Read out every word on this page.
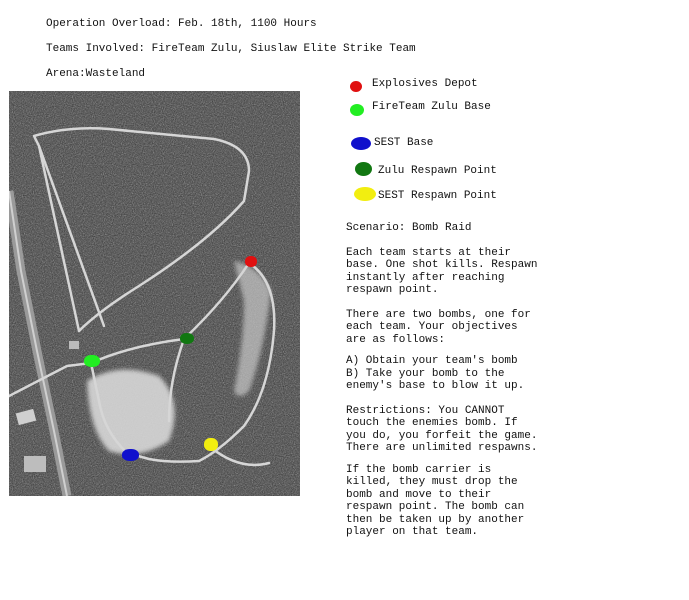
Operation Overload: Feb. 18th, 1100 Hours
Teams Involved: FireTeam Zulu, Siuslaw Elite Strike Team
Arena:Wasteland
Explosives Depot
FireTeam Zulu Base
SEST Base
Zulu Respawn Point
SEST Respawn Point

Scenario: Bomb Raid

Each team starts at their base. One shot kills. Respawn instantly after reaching respawn point.

There are two bombs, one for each team. Your objectives are as follows:

A) Obtain your team's bomb

B) Take your bomb to the enemy's base to blow it up.

Restrictions: You CANNOT touch the enemies bomb. If you do, you forfeit the game. There are unlimited respawns.

If the bomb carrier is killed, they must drop the bomb and move to their respawn point. The bomb can then be taken up by another player on that team.
